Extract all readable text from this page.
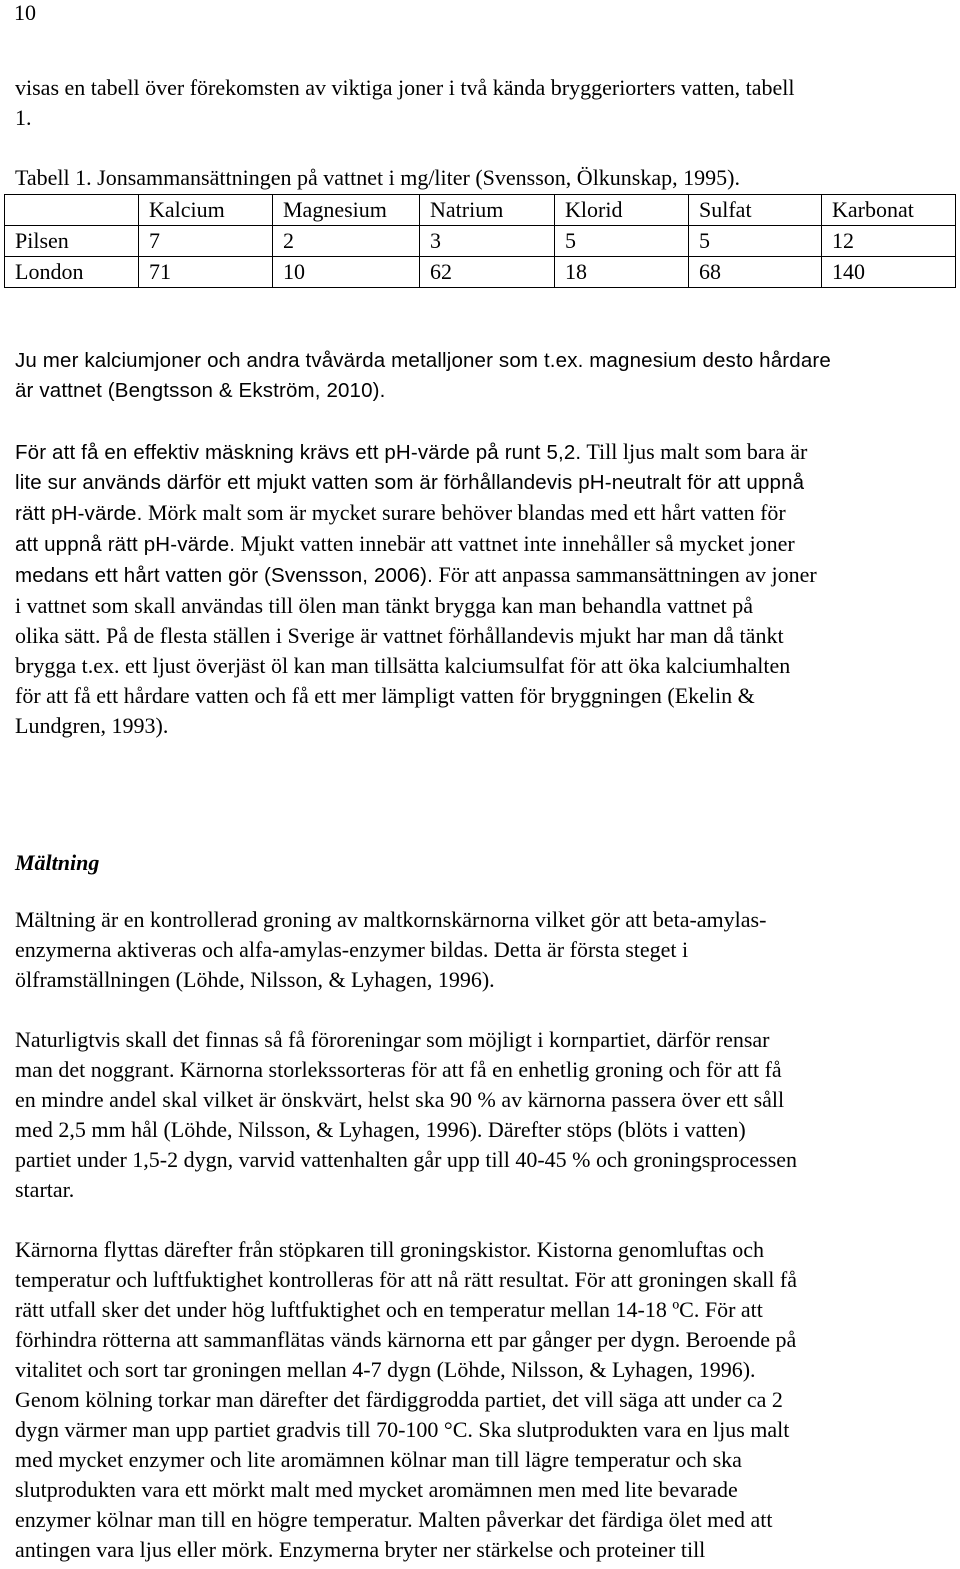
10
visas en tabell över förekomsten av viktiga joner i två kända bryggeriorters vatten, tabell
1.
Tabell 1. Jonsammansättningen på vattnet i mg/liter (Svensson, Ölkunskap, 1995).
	Kalcium	Magnesium	Natrium	Klorid	Sulfat	Karbonat
Pilsen	7	2	3	5	5	12
London	71	10	62	18	68	140
Ju mer kalciumjoner och andra tvåvärda metalljoner som t.ex. magnesium desto hårdare
är vattnet (Bengtsson & Ekström, 2010).
För att få en effektiv mäskning krävs ett pH-värde på runt 5,2. Till ljus malt som bara är
lite sur används därför ett mjukt vatten som är förhållandevis pH-neutralt för att uppnå
rätt pH-värde. Mörk malt som är mycket surare behöver blandas med ett hårt vatten för
att uppnå rätt pH-värde. Mjukt vatten innebär att vattnet inte innehåller så mycket joner
medans ett hårt vatten gör (Svensson, 2006). För att anpassa sammansättningen av joner
i vattnet som skall användas till ölen man tänkt brygga kan man behandla vattnet på
olika sätt. På de flesta ställen i Sverige är vattnet förhållandevis mjukt har man då tänkt
brygga t.ex. ett ljust överjäst öl kan man tillsätta kalciumsulfat för att öka kalciumhalten
för att få ett hårdare vatten och få ett mer lämpligt vatten för bryggningen (Ekelin &
Lundgren, 1993).
Mältning
Mältning är en kontrollerad groning av maltkornskärnorna vilket gör att beta-amylas-
enzymerna aktiveras och alfa-amylas-enzymer bildas. Detta är första steget i
ölframställningen (Löhde, Nilsson, & Lyhagen, 1996).
Naturligtvis skall det finnas så få föroreningar som möjligt i kornpartiet, därför rensar
man det noggrant. Kärnorna storlekssorteras för att få en enhetlig groning och för att få
en mindre andel skal vilket är önskvärt, helst ska 90 % av kärnorna passera över ett såll
med 2,5 mm hål (Löhde, Nilsson, & Lyhagen, 1996). Därefter stöps (blöts i vatten)
partiet under 1,5-2 dygn, varvid vattenhalten går upp till 40-45 % och groningsprocessen
startar.
Kärnorna flyttas därefter från stöpkaren till groningskistor. Kistorna genomluftas och
temperatur och luftfuktighet kontrolleras för att nå rätt resultat. För att groningen skall få
rätt utfall sker det under hög luftfuktighet och en temperatur mellan 14-18 ºC. För att
förhindra rötterna att sammanflätas vänds kärnorna ett par gånger per dygn. Beroende på
vitalitet och sort tar groningen mellan 4-7 dygn (Löhde, Nilsson, & Lyhagen, 1996).
Genom kölning torkar man därefter det färdiggrodda partiet, det vill säga att under ca 2
dygn värmer man upp partiet gradvis till 70-100 °C. Ska slutprodukten vara en ljus malt
med mycket enzymer och lite aromämnen kölnar man till lägre temperatur och ska
slutprodukten vara ett mörkt malt med mycket aromämnen men med lite bevarade
enzymer kölnar man till en högre temperatur. Malten påverkar det färdiga ölet med att
antingen vara ljus eller mörk. Enzymerna bryter ner stärkelse och proteiner till
